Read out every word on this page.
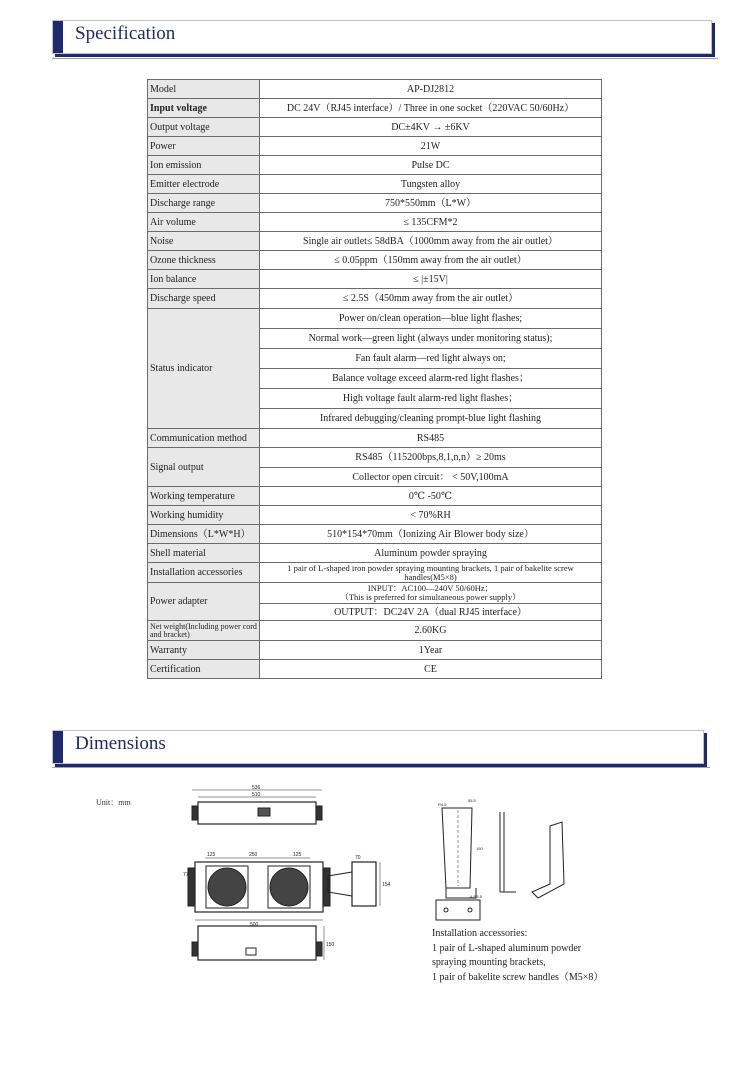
Specification
Model	AP-DJ2812
Input voltage	DC 24V（RJ45 interface）/ Three in one socket（220VAC 50/60Hz）
Output voltage	DC±4KV → ±6KV
Power	21W
Ion emission	Pulse DC
Emitter electrode	Tungsten alloy
Discharge range	750*550mm（L*W）
Air volume	≤ 135CFM*2
Noise	Single air outlet≤ 58dBA（1000mm away from the air outlet）
Ozone thickness	≤ 0.05ppm（150mm away from the air outlet）
Ion balance	≤ |±15V|
Discharge speed	≤ 2.5S（450mm away from the air outlet）
Status indicator	Power on/clean operation—blue light flashes;
	Normal work—green light (always under monitoring status);
	Fan fault alarm—red light always on;
	Balance voltage exceed alarm-red light flashes；
	High voltage fault alarm-red light flashes；
	Infrared debugging/cleaning prompt-blue light flashing
Communication method	RS485
Signal output	RS485（115200bps,8,1,n,n）≥ 20ms
	Collector open circuit： < 50V,100mA
Working temperature	0℃ -50℃
Working humidity	< 70%RH
Dimensions（L*W*H）	510*154*70mm（Ionizing Air Blower body size）
Shell material	Aluminum powder spraying
Installation accessories	1 pair of L-shaped iron powder spraying mounting brackets, 1 pair of bakelite screw handles(M5×8)
Power adapter	INPUT：AC100—240V 50/60Hz；
（This is preferred for simultaneous power supply）

	OUTPUT：DC24V 2A（dual RJ45 interface）
Net weight(Including power cord and bracket)	2.60KG
Warranty	1Year
Certification	CE
Dimensions
Unit：mm
536
510
125	250	125
77
500
70
154
150
55.5
190
R4.5
4-R5.5
Installation accessories:
1 pair of L-shaped aluminum powder
spraying mounting brackets,
1 pair of bakelite screw handles（M5×8）
